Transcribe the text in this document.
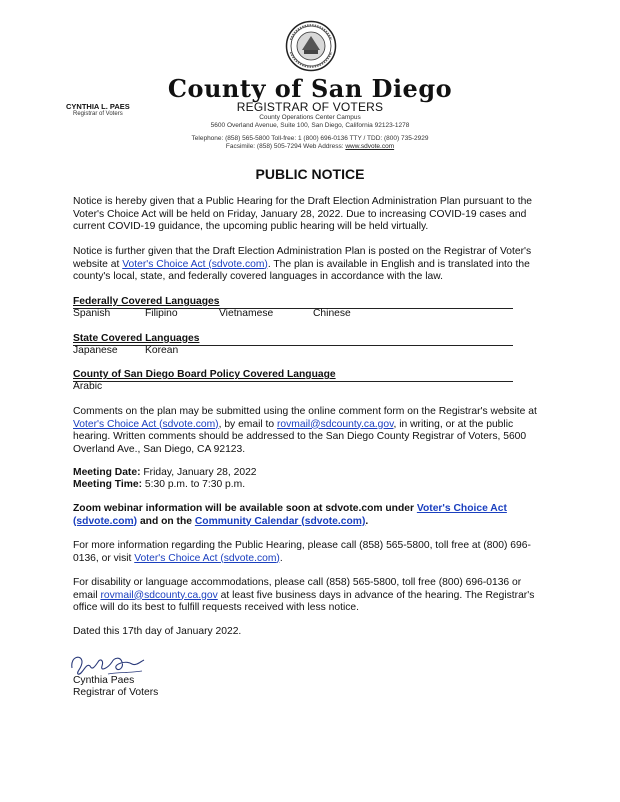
County of San Diego
REGISTRAR OF VOTERS
County Operations Center Campus
5600 Overland Avenue, Suite 100, San Diego, California 92123-1278
Telephone: (858) 565-5800 Toll-free: 1 (800) 696-0136 TTY / TDD: (800) 735-2929
Facsimile: (858) 505-7294 Web Address: www.sdvote.com
CYNTHIA L. PAES
Registrar of Voters
PUBLIC NOTICE
Notice is hereby given that a Public Hearing for the Draft Election Administration Plan pursuant to the Voter's Choice Act will be held on Friday, January 28, 2022. Due to increasing COVID-19 cases and current COVID-19 guidance, the upcoming public hearing will be held virtually.
Notice is further given that the Draft Election Administration Plan is posted on the Registrar of Voter's website at Voter's Choice Act (sdvote.com). The plan is available in English and is translated into the county's local, state, and federally covered languages in accordance with the law.
Federally Covered Languages
Spanish	Filipino	Vietnamese	Chinese
State Covered Languages
Japanese	Korean
County of San Diego Board Policy Covered Language
Arabic
Comments on the plan may be submitted using the online comment form on the Registrar's website at Voter's Choice Act (sdvote.com), by email to rovmail@sdcounty.ca.gov, in writing, or at the public hearing. Written comments should be addressed to the San Diego County Registrar of Voters, 5600 Overland Ave., San Diego, CA 92123.
Meeting Date: Friday, January 28, 2022
Meeting Time: 5:30 p.m. to 7:30 p.m.
Zoom webinar information will be available soon at sdvote.com under Voter's Choice Act (sdvote.com) and on the Community Calendar (sdvote.com).
For more information regarding the Public Hearing, please call (858) 565-5800, toll free at (800) 696-0136, or visit Voter's Choice Act (sdvote.com).
For disability or language accommodations, please call (858) 565-5800, toll free (800) 696-0136 or email rovmail@sdcounty.ca.gov at least five business days in advance of the hearing. The Registrar's office will do its best to fulfill requests received with less notice.
Dated this 17th day of January 2022.
Cynthia Paes
Registrar of Voters
